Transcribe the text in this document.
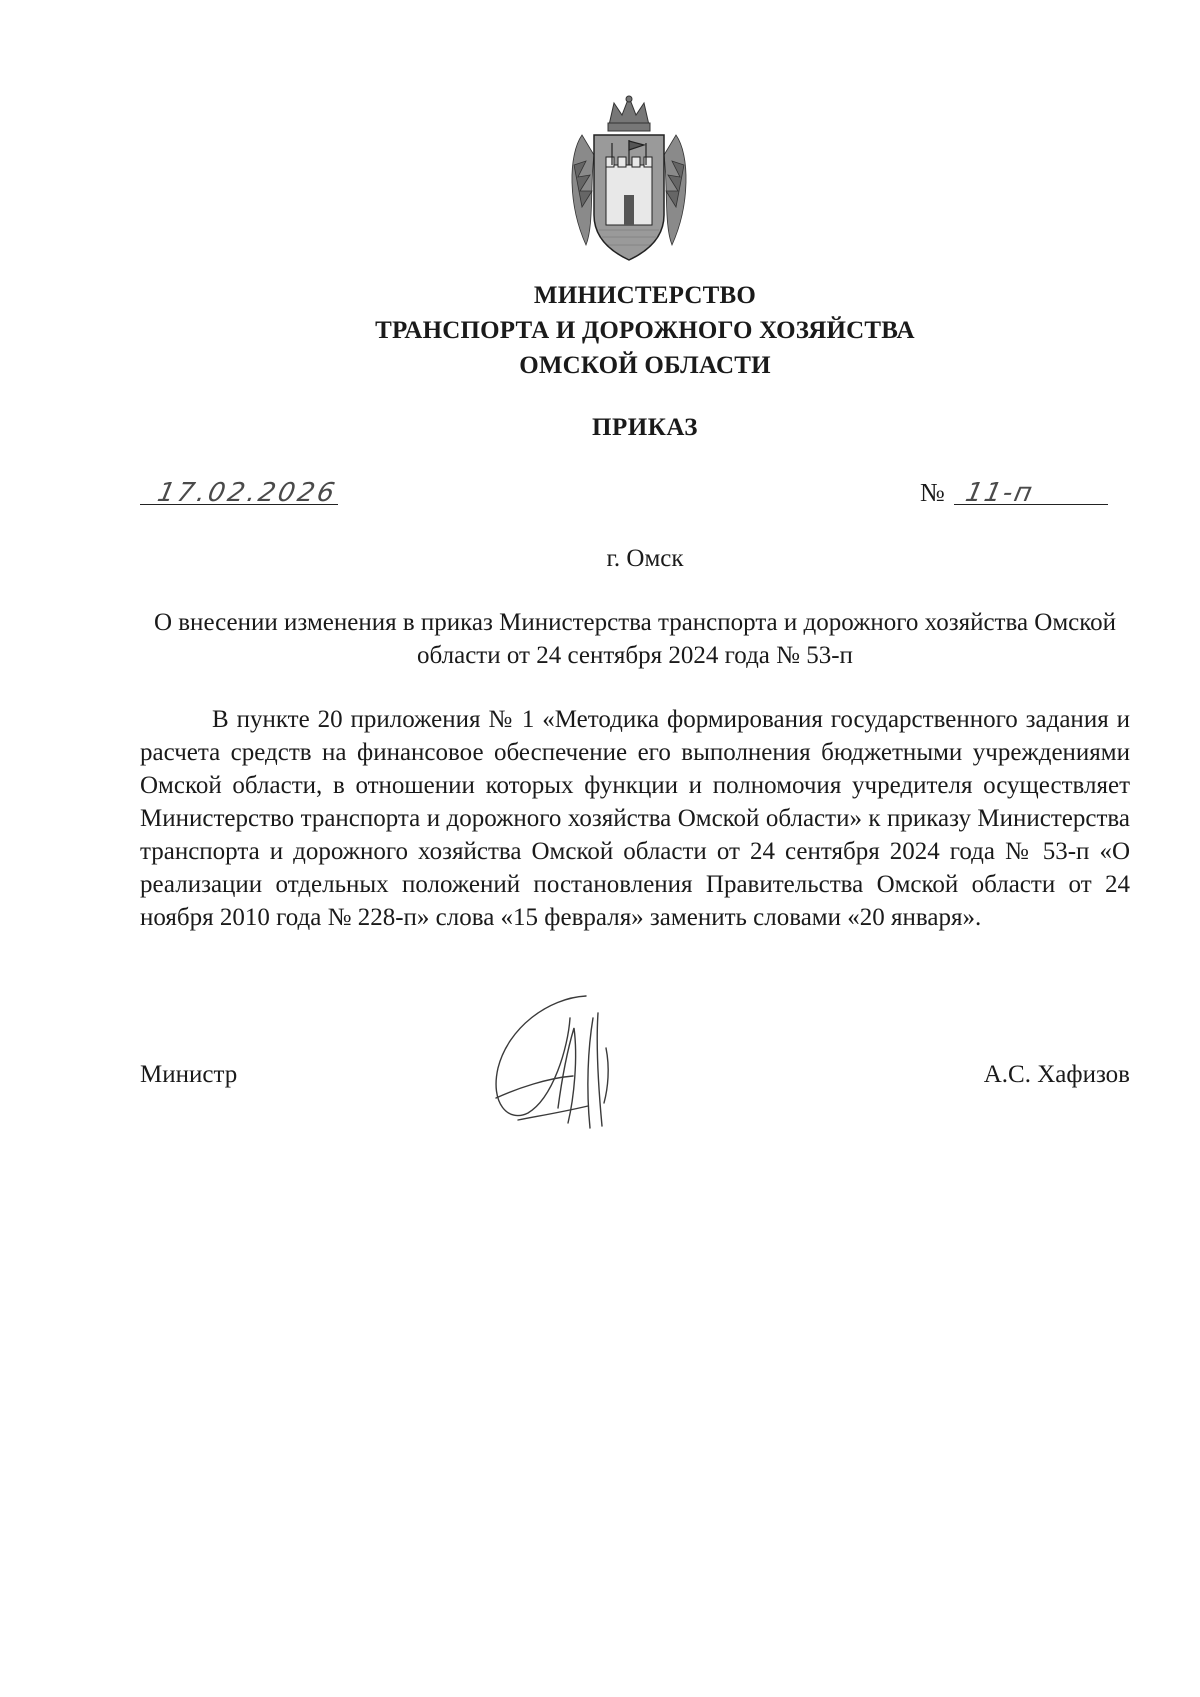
МИНИСТЕРСТВО
ТРАНСПОРТА И ДОРОЖНОГО ХОЗЯЙСТВА
ОМСКОЙ ОБЛАСТИ
ПРИКАЗ
17.02.2026	№ 11-п
г. Омск
О внесении изменения в приказ Министерства транспорта и дорожного хозяйства Омской области от 24 сентября 2024 года № 53-п

В пункте 20 приложения № 1 «Методика формирования государственного задания и расчета средств на финансовое обеспечение его выполнения бюджетными учреждениями Омской области, в отношении которых функции и полномочия учредителя осуществляет Министерство транспорта и дорожного хозяйства Омской области» к приказу Министерства транспорта и дорожного хозяйства Омской области от 24 сентября 2024 года № 53-п «О реализации отдельных положений постановления Правительства Омской области от 24 ноября 2010 года № 228-п» слова «15 февраля» заменить словами «20 января».

Министр	А.С. Хафизов
